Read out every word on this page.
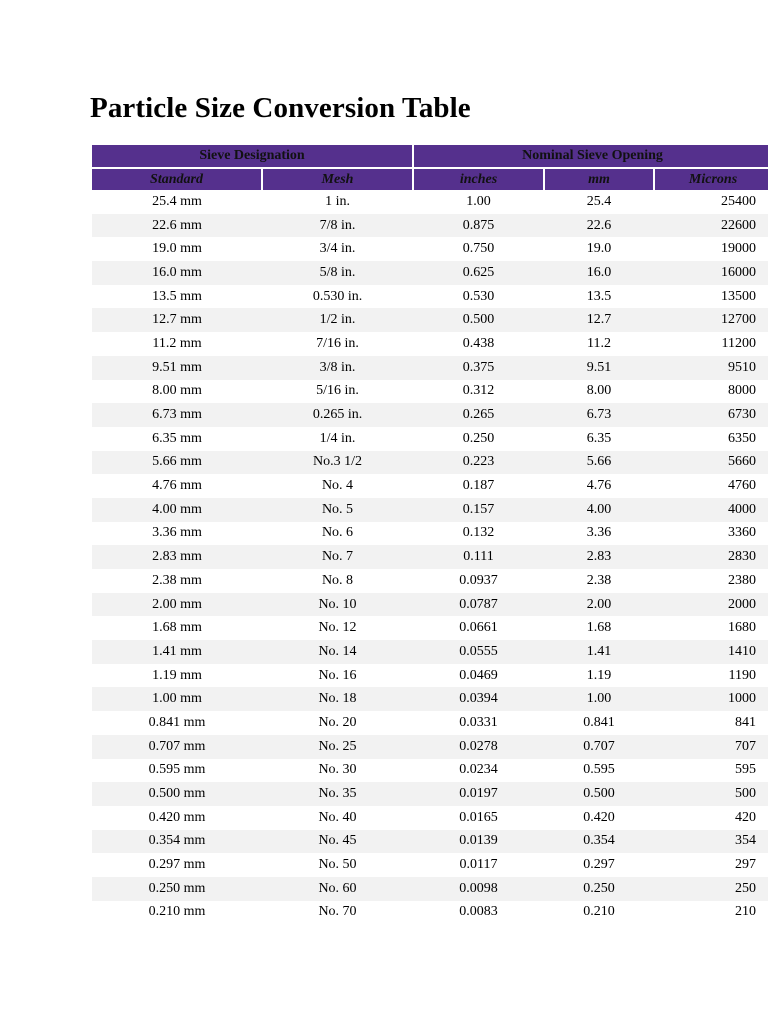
Particle Size Conversion Table
Sieve Designation		Nominal Sieve Opening		
Standard	Mesh	inches	mm	Microns
25.4 mm	1 in.	1.00	25.4	25400
22.6 mm	7/8 in.	0.875	22.6	22600
19.0 mm	3/4 in.	0.750	19.0	19000
16.0 mm	5/8 in.	0.625	16.0	16000
13.5 mm	0.530 in.	0.530	13.5	13500
12.7 mm	1/2 in.	0.500	12.7	12700
11.2 mm	7/16 in.	0.438	11.2	11200
9.51 mm	3/8 in.	0.375	9.51	9510
8.00 mm	5/16 in.	0.312	8.00	8000
6.73 mm	0.265 in.	0.265	6.73	6730
6.35 mm	1/4 in.	0.250	6.35	6350
5.66 mm	No.3 1/2	0.223	5.66	5660
4.76 mm	No. 4	0.187	4.76	4760
4.00 mm	No. 5	0.157	4.00	4000
3.36 mm	No. 6	0.132	3.36	3360
2.83 mm	No. 7	0.111	2.83	2830
2.38 mm	No. 8	0.0937	2.38	2380
2.00 mm	No. 10	0.0787	2.00	2000
1.68 mm	No. 12	0.0661	1.68	1680
1.41 mm	No. 14	0.0555	1.41	1410
1.19 mm	No. 16	0.0469	1.19	1190
1.00 mm	No. 18	0.0394	1.00	1000
0.841 mm	No. 20	0.0331	0.841	841
0.707 mm	No. 25	0.0278	0.707	707
0.595 mm	No. 30	0.0234	0.595	595
0.500 mm	No. 35	0.0197	0.500	500
0.420 mm	No. 40	0.0165	0.420	420
0.354 mm	No. 45	0.0139	0.354	354
0.297 mm	No. 50	0.0117	0.297	297
0.250 mm	No. 60	0.0098	0.250	250
0.210 mm	No. 70	0.0083	0.210	210
